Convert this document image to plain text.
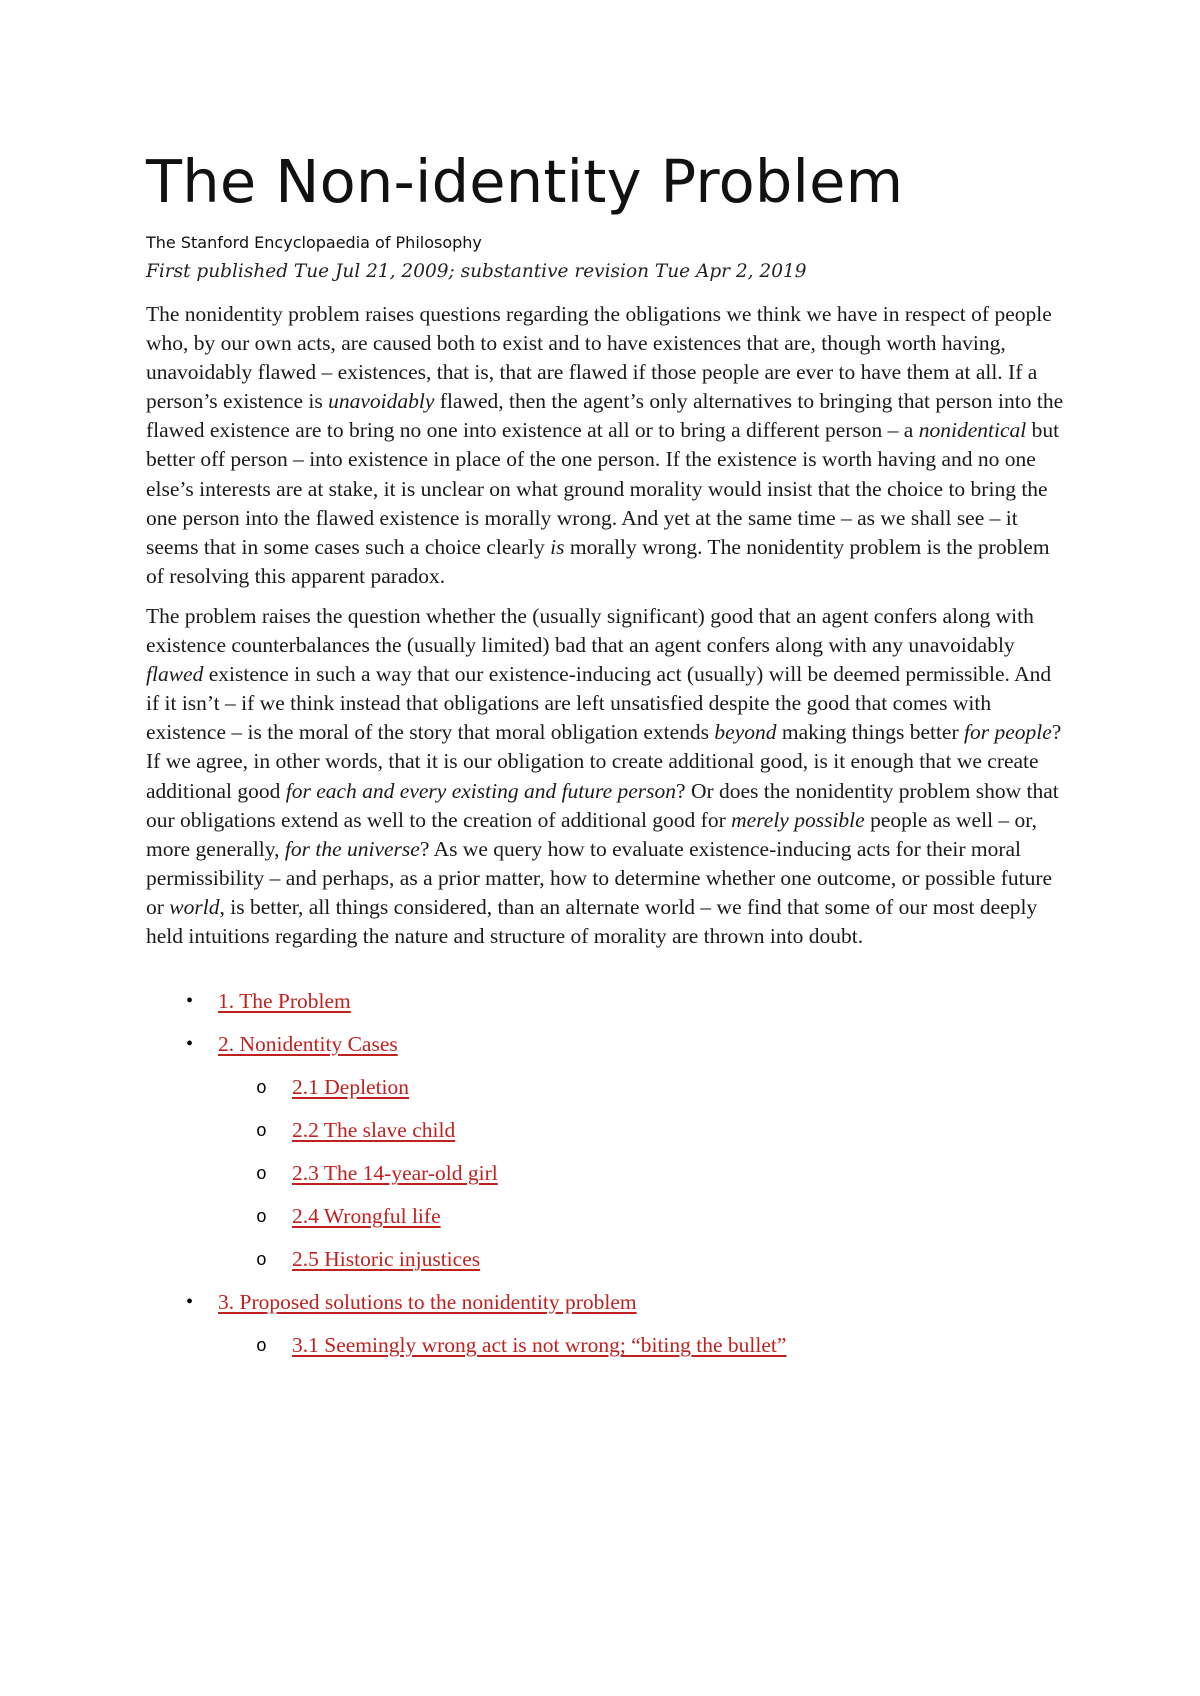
The Non-identity Problem
The Stanford Encyclopaedia of Philosophy
First published Tue Jul 21, 2009; substantive revision Tue Apr 2, 2019

The nonidentity problem raises questions regarding the obligations we think we have in respect of people who, by our own acts, are caused both to exist and to have existences that are, though worth having, unavoidably flawed – existences, that is, that are flawed if those people are ever to have them at all. If a person’s existence is unavoidably flawed, then the agent’s only alternatives to bringing that person into the flawed existence are to bring no one into existence at all or to bring a different person – a nonidentical but better off person – into existence in place of the one person. If the existence is worth having and no one else’s interests are at stake, it is unclear on what ground morality would insist that the choice to bring the one person into the flawed existence is morally wrong. And yet at the same time – as we shall see – it seems that in some cases such a choice clearly is morally wrong. The nonidentity problem is the problem of resolving this apparent paradox.

The problem raises the question whether the (usually significant) good that an agent confers along with existence counterbalances the (usually limited) bad that an agent confers along with any unavoidably flawed existence in such a way that our existence-inducing act (usually) will be deemed permissible. And if it isn’t – if we think instead that obligations are left unsatisfied despite the good that comes with existence – is the moral of the story that moral obligation extends beyond making things better for people? If we agree, in other words, that it is our obligation to create additional good, is it enough that we create additional good for each and every existing and future person? Or does the nonidentity problem show that our obligations extend as well to the creation of additional good for merely possible people as well – or, more generally, for the universe? As we query how to evaluate existence-inducing acts for their moral permissibility – and perhaps, as a prior matter, how to determine whether one outcome, or possible future or world, is better, all things considered, than an alternate world – we find that some of our most deeply held intuitions regarding the nature and structure of morality are thrown into doubt.

• 1. The Problem
• 2. Nonidentity Cases
o 2.1 Depletion
o 2.2 The slave child
o 2.3 The 14-year-old girl
o 2.4 Wrongful life
o 2.5 Historic injustices
• 3. Proposed solutions to the nonidentity problem
o 3.1 Seemingly wrong act is not wrong; “biting the bullet”
